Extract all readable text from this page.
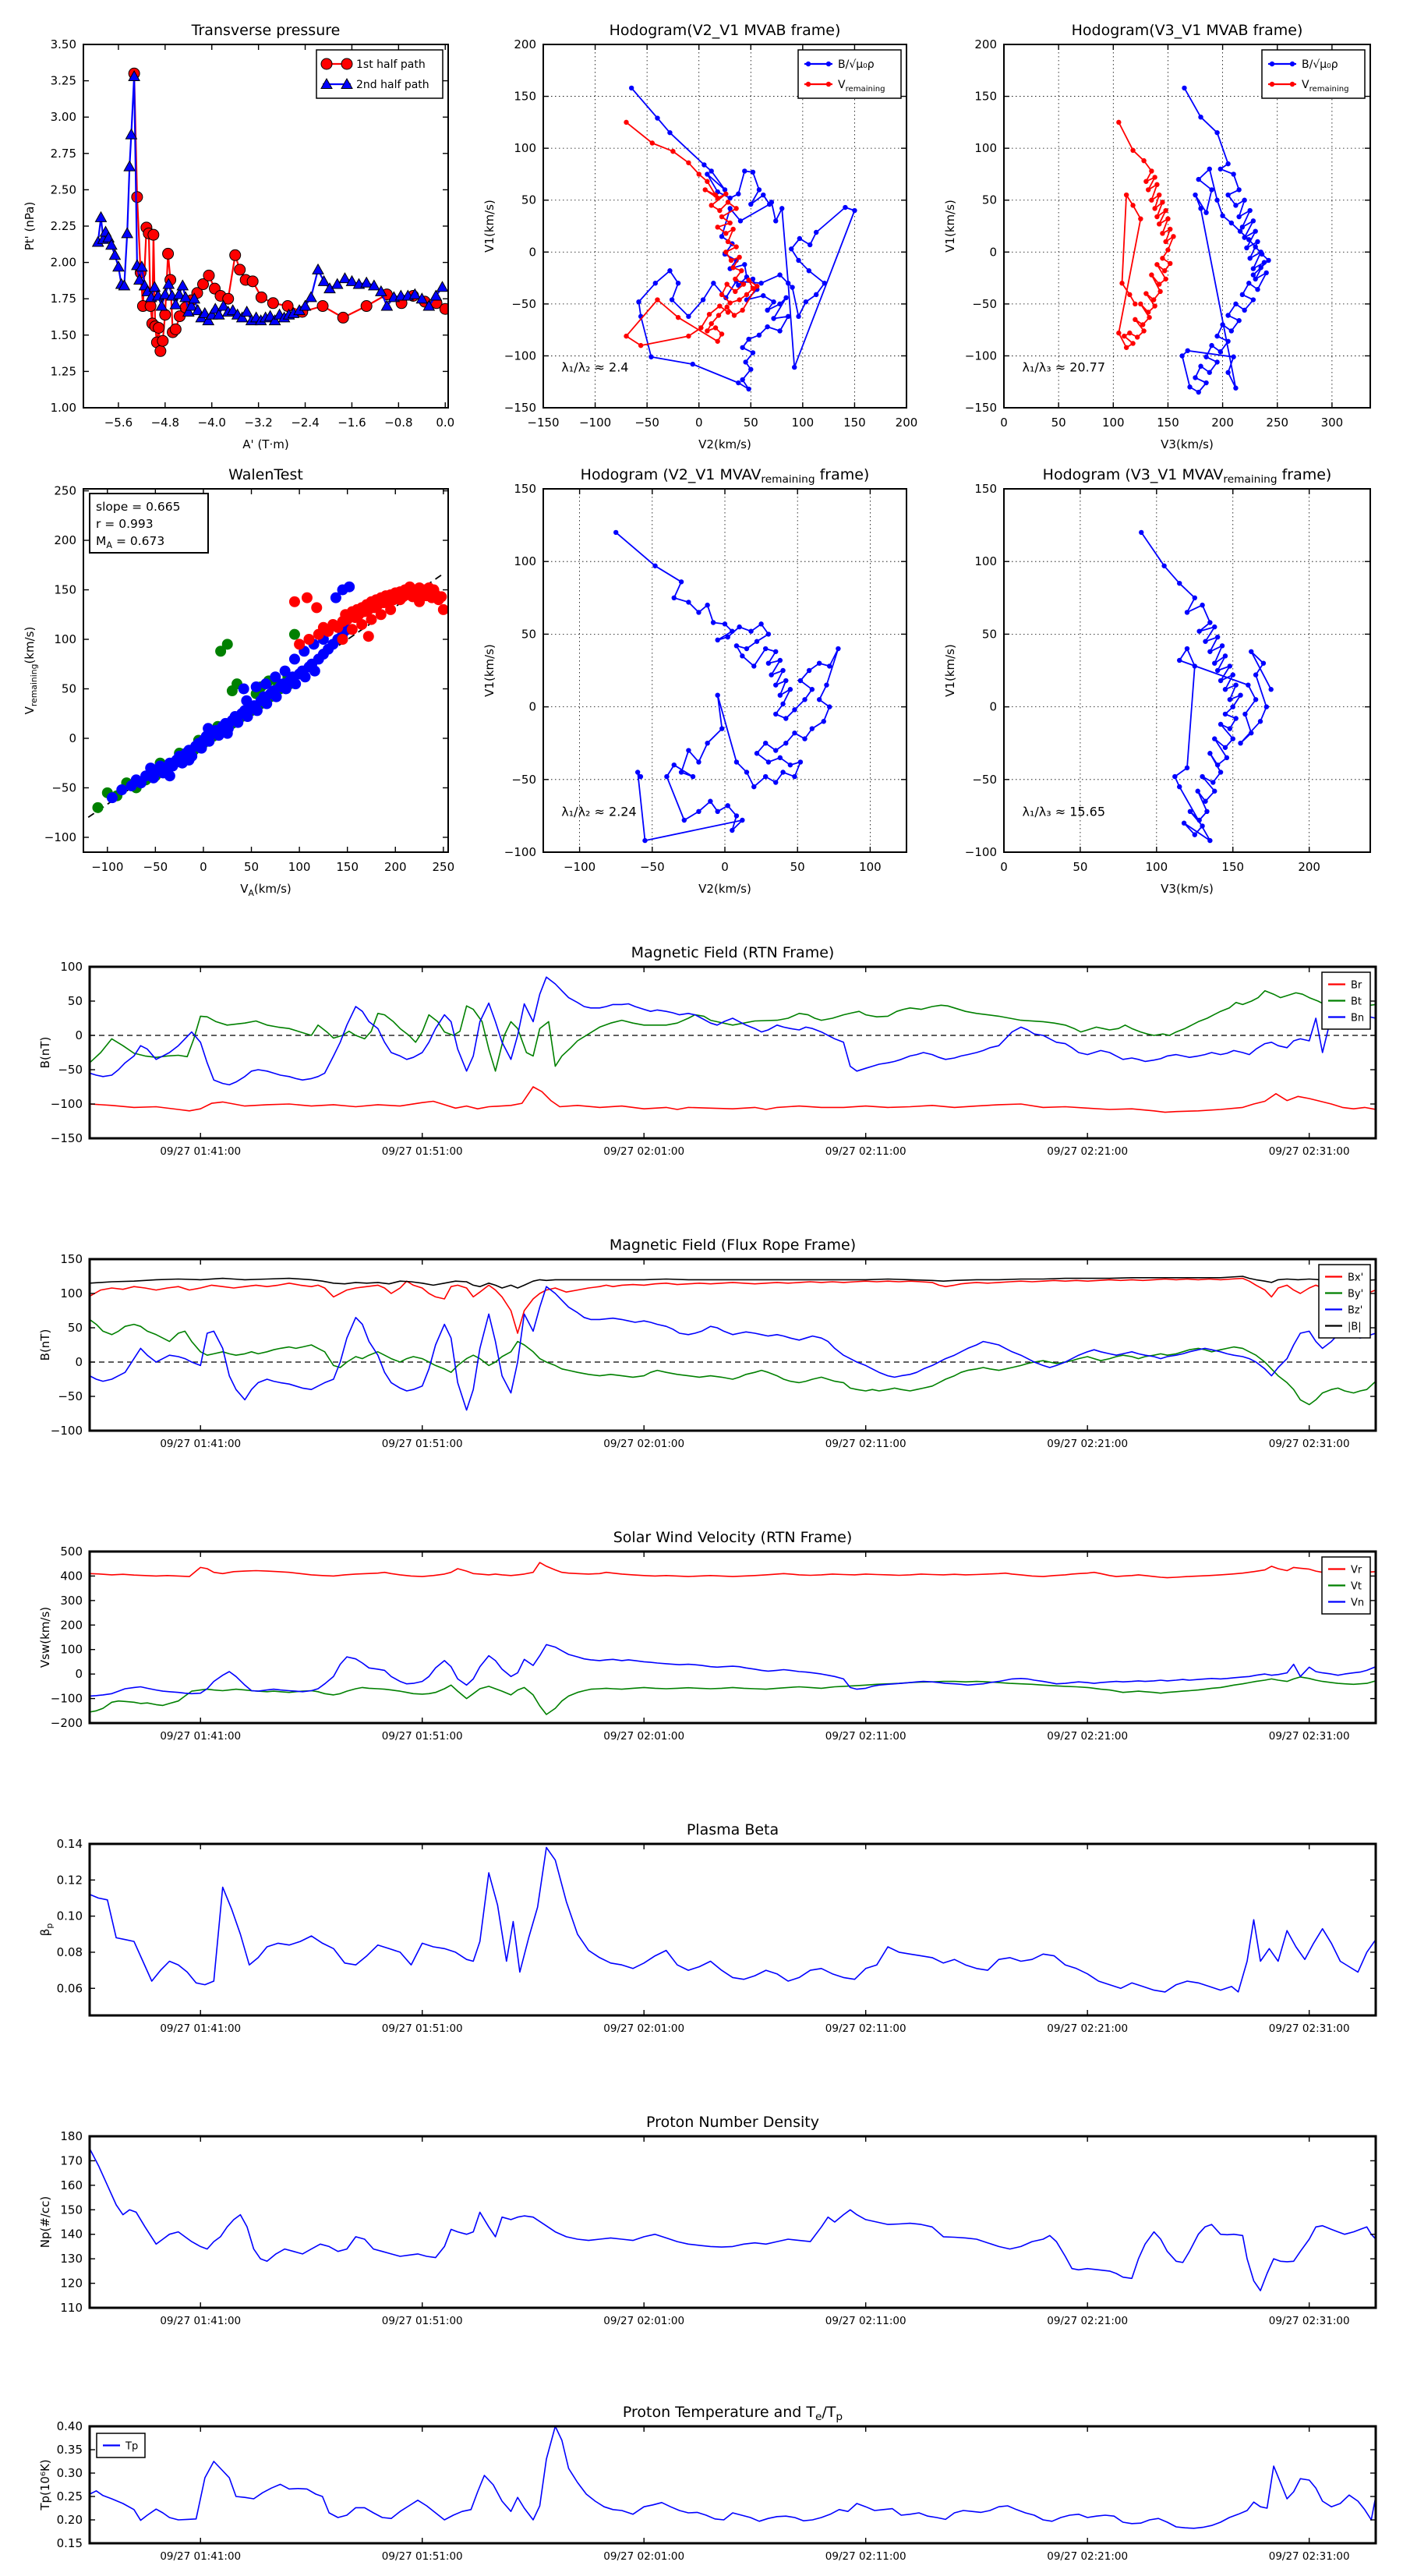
−5.6 −4.8 −4.0 −3.2 −2.4 −1.6 −0.8 0.0
1.00
1.25
1.50
1.75
2.00
2.25
2.50
2.75
3.00
3.25
3.50
Transverse pressure
A' (T·m)
Pt' (nPa)
1st half path
2nd half path
−150 −100 −50	0	50	100	150	200
−150
−100
−50
0
50
100
150
200
Hodogram(V2_V1 MVAB frame)
V2(km/s)
V1(km/s)
B/√μ₀ρ
$V_{remaining}$
λ₁/λ₂ ≈ 2.4
0	50	100	150	200	250	300
−150
−100
−50
0
50
100
150
200
Hodogram(V3_V1 MVAB frame)
V3(km/s)
V1(km/s)
B/√μ₀ρ
$V_{remaining}$
λ₁/λ₃ ≈ 20.77
−100 −50	0	50	100 150 200 250
−100
−50
0
50
100
150
200
250
WalenTest
$V_A(km/s)$
$V_{remaining}(km/s)$
slope = 0.665
r = 0.993
$M_A = 0.673$
−100	−50	0	50	100
−100
−50
0
50
100
150
Hodogram (V2_V1 $MVAV_{remaining}$ frame)
V2(km/s)
V1(km/s)
λ₁/λ₂ ≈ 2.24
0	50	100	150	200
−100
−50
0
50
100
150
Hodogram (V3_V1 $MVAV_{remaining}$ frame)
V3(km/s)
V1(km/s)
λ₁/λ₃ ≈ 15.65
09/27 01:41:00	09/27 01:51:00	09/27 02:01:00	09/27 02:11:00	09/27 02:21:00	09/27 02:31:00
−150
−100
−50
0
50
100
Magnetic Field (RTN Frame)
B(nT)
Br
Bt
Bn
09/27 01:41:00	09/27 01:51:00	09/27 02:01:00	09/27 02:11:00	09/27 02:21:00	09/27 02:31:00
−100
−50
0
50
100
150
Magnetic Field (Flux Rope Frame)
B(nT)
Bx'
By'
Bz'
|B|
09/27 01:41:00	09/27 01:51:00	09/27 02:01:00	09/27 02:11:00	09/27 02:21:00	09/27 02:31:00
−200
−100
0
100
200
300
400
500
Solar Wind Velocity (RTN Frame)
Vsw(km/s)
Vr
Vt
Vn
09/27 01:41:00	09/27 01:51:00	09/27 02:01:00	09/27 02:11:00	09/27 02:21:00	09/27 02:31:00
0.06
0.08
0.10
0.12
0.14
Plasma Beta
$\beta_p$
09/27 01:41:00	09/27 01:51:00	09/27 02:01:00	09/27 02:11:00	09/27 02:21:00	09/27 02:31:00
110
120
130
140
150
160
170
180
Proton Number Density
Np(#/cc)
09/27 01:41:00	09/27 01:51:00	09/27 02:01:00	09/27 02:11:00	09/27 02:21:00	09/27 02:31:00
0.15
0.20
0.25
0.30
0.35
0.40
Proton Temperature and $T_e/T_p$
Tp(10⁶K)
Tp
